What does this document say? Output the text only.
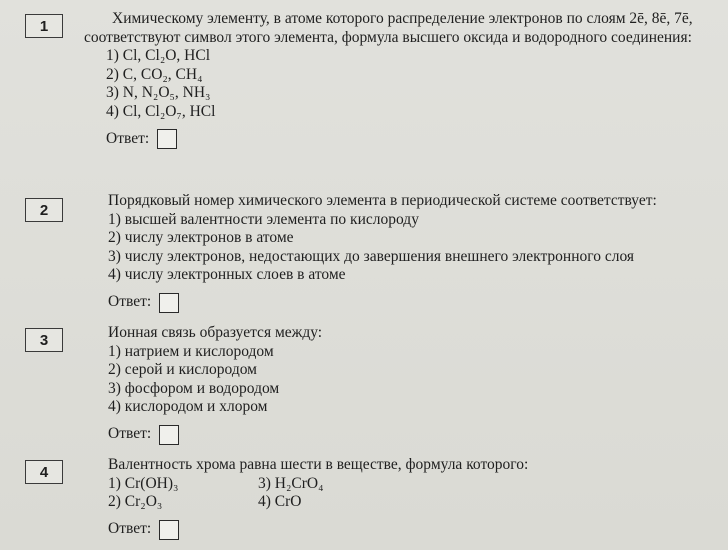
1	Химическому элементу, в атоме которого распределение электронов по слоям 2ē, 8ē, 7ē, соответствуют символ этого элемента, формула высшего оксида и водородного соединения:
1) Cl, Cl₂O, HCl
2) C, CO₂, CH₄
3) N, N₂O₅, NH₃
4) Cl, Cl₂O₇, HCl
Ответ:
2
Порядковый номер химического элемента в периодической системе соответствует:
1) высшей валентности элемента по кислороду
2) числу электронов в атоме
3) числу электронов, недостающих до завершения внешнего электронного слоя
4) числу электронных слоев в атоме
Ответ:
3	Ионная связь образуется между:
1) натрием и кислородом
2) серой и кислородом
3) фосфором и водородом
4) кислородом и хлором
Ответ:
4	Валентность хрома равна шести в веществе, формула которого:
1) Cr(OH)₃	3) H₂CrO₄
2) Cr₂O₃	4) CrO
Ответ:
